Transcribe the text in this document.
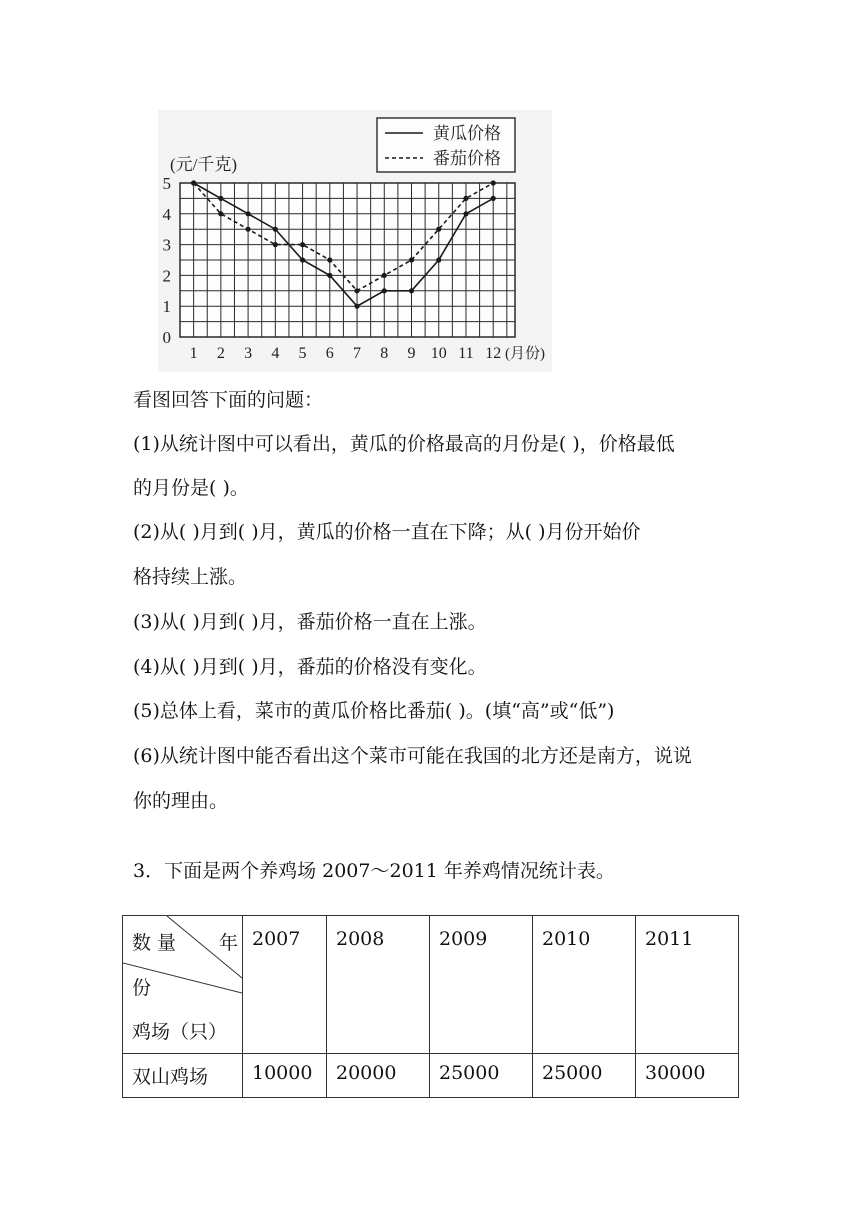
0
1
2
3
4
5
1 2 3 4 5 6 7 8 9 10 11 12
(元/千克)
(月份)
黄瓜价格
番茄价格
看图回答下面的问题：
(1)从统计图中可以看出，黄瓜的价格最高的月份是( )，价格最低
的月份是( )。
(2)从( )月到( )月，黄瓜的价格一直在下降；从( )月份开始价
格持续上涨。
(3)从( )月到( )月，番茄价格一直在上涨。
(4)从( )月到( )月，番茄的价格没有变化。
(5)总体上看，菜市的黄瓜价格比番茄( )。(填“高”或“低”)
(6)从统计图中能否看出这个菜市可能在我国的北方还是南方，说说
你的理由。
3．下面是两个养鸡场 2007～2011 年养鸡情况统计表。
数 量 年
份
鸡场（只）	2007	2008	2009	2010	2011
双山鸡场	10000	20000	25000	25000	30000
